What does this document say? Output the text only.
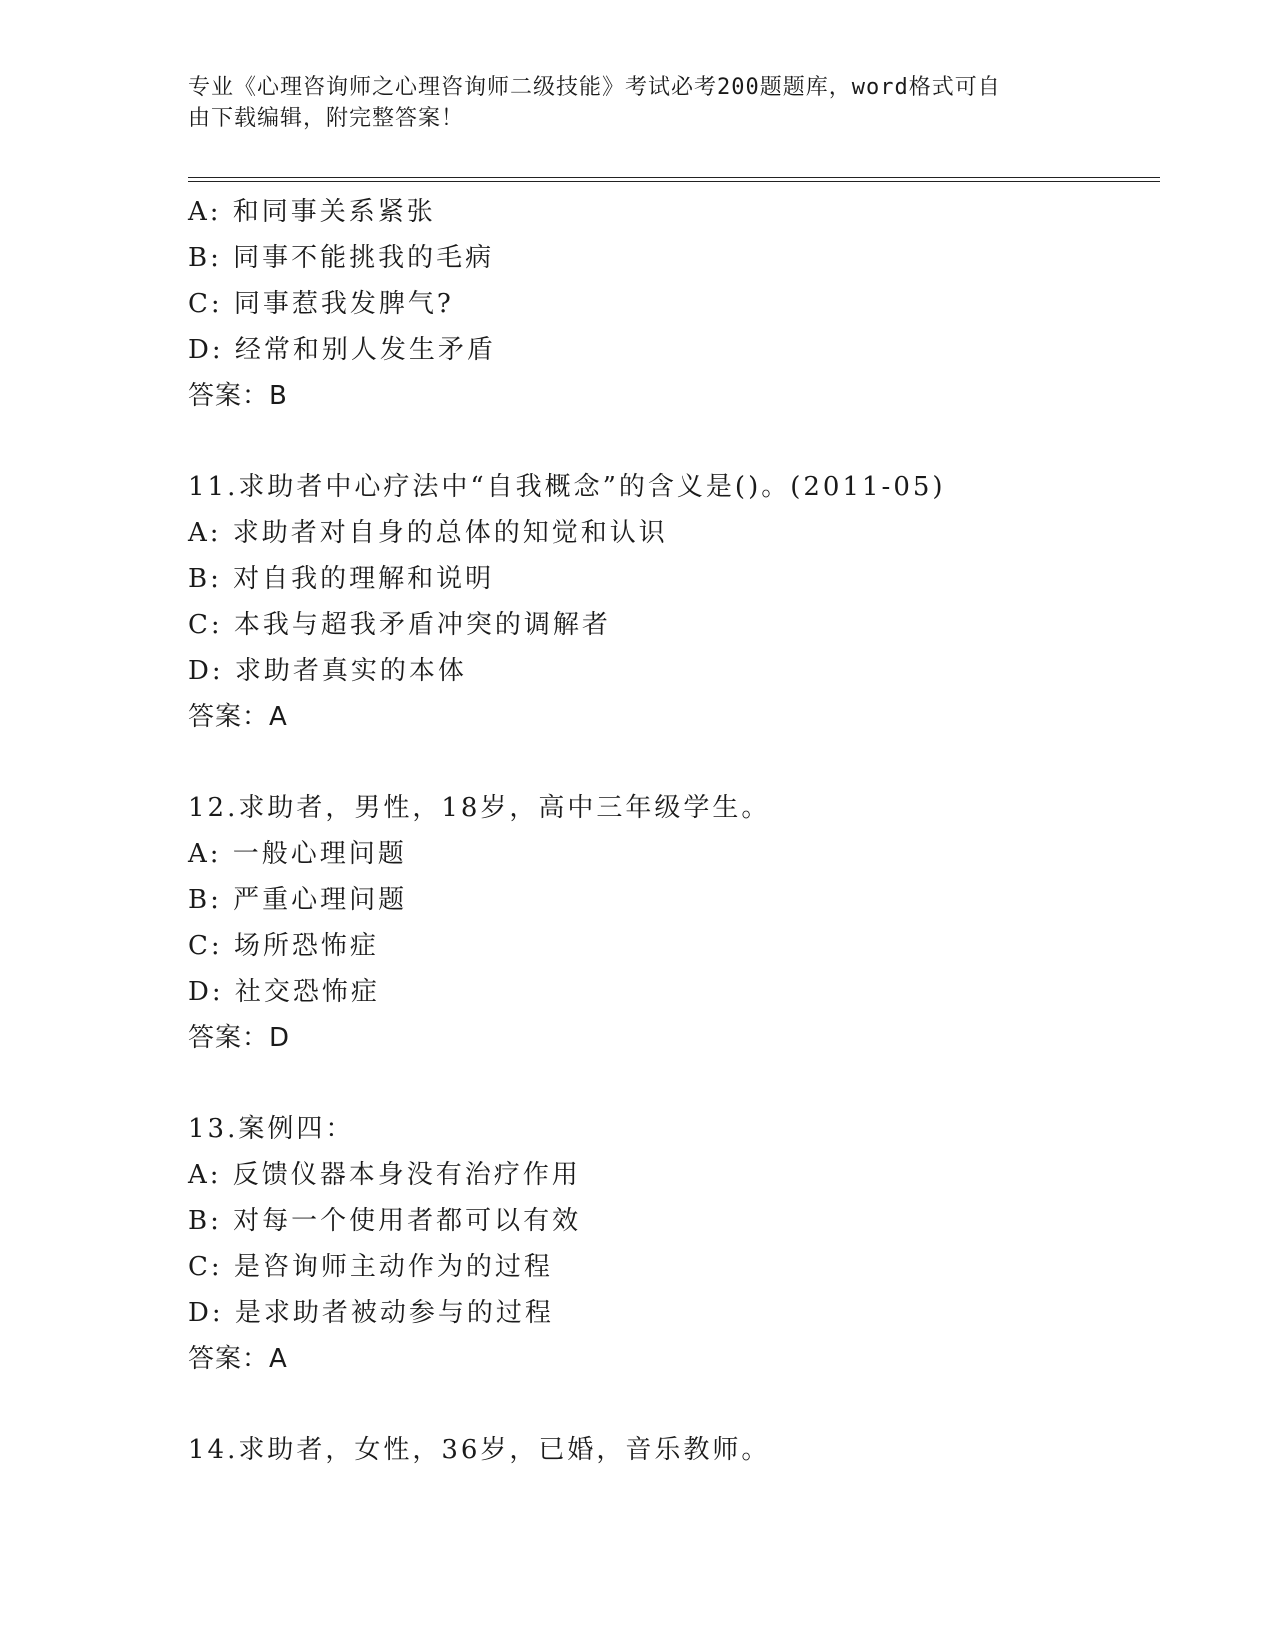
专业《心理咨询师之心理咨询师二级技能》考试必考200题题库，word格式可自
由下载编辑，附完整答案！
A: 和同事关系紧张
B: 同事不能挑我的毛病
C: 同事惹我发脾气?
D: 经常和别人发生矛盾
答案：B
11.求助者中心疗法中“自我概念”的含义是()。(2011-05)
A: 求助者对自身的总体的知觉和认识
B: 对自我的理解和说明
C: 本我与超我矛盾冲突的调解者
D: 求助者真实的本体
答案：A
12.求助者，男性，18岁，高中三年级学生。
A: 一般心理问题
B: 严重心理问题
C: 场所恐怖症
D: 社交恐怖症
答案：D
13.案例四：
A: 反馈仪器本身没有治疗作用
B: 对每一个使用者都可以有效
C: 是咨询师主动作为的过程
D: 是求助者被动参与的过程
答案：A
14.求助者，女性，36岁，已婚，音乐教师。
